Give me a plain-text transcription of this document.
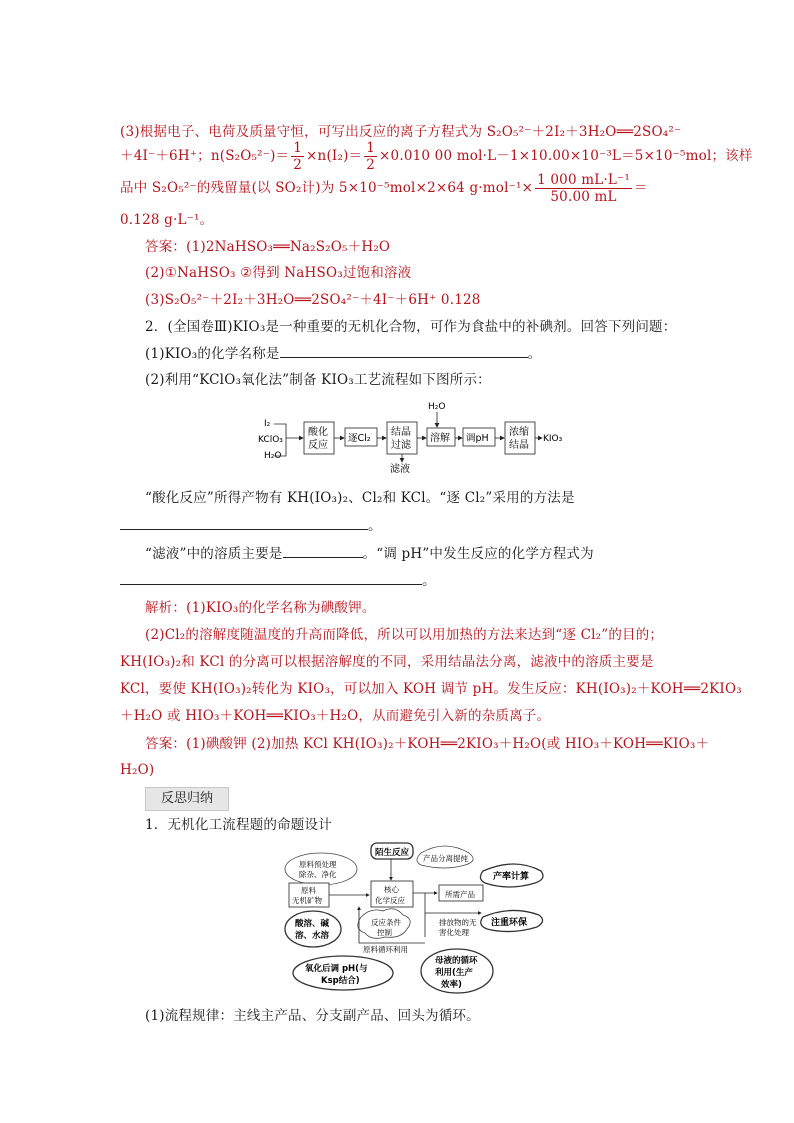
(3)根据电子、电荷及质量守恒，可写出反应的离子方程式为 S₂O₅²⁻＋2I₂＋3H₂O══2SO₄²⁻
＋4I⁻＋6H⁺；$n(S_2O_5^{2-})= \frac{1}{2} \times n(I_2)= \frac{1}{2} \times 0.010$ 00 mol·L－1×10.00×10⁻³L＝5×10⁻⁵mol；该样
品中 S₂O₅²⁻的残留量(以 SO₂计)为 5×10⁻⁵mol×2×64 $g\cdot mol^{-1}\times \frac{\text{1 000 mL·L⁻¹}}{50.00 mL}$ ＝
0.128 g·L⁻¹。
答案：(1)2NaHSO₃══Na₂S₂O₅＋H₂O
(2)①NaHSO₃ ②得到 NaHSO₃过饱和溶液
(3)S₂O₅²⁻＋2I₂＋3H₂O══2SO₄²⁻＋4I⁻＋6H⁺ 0.128
2．(全国卷Ⅲ)KIO₃是一种重要的无机化合物，可作为食盐中的补碘剂。回答下列问题：
(1)KIO₃的化学名称是	。
(2)利用“KClO₃氧化法”制备 KIO₃工艺流程如下图所示：
I₂
KClO₃
H₂O
酸化
反应
逐Cl₂
结晶
过滤
滤液
H₂O
溶解 调pH
浓缩
结晶
KIO₃
“酸化反应”所得产物有 KH(IO₃)₂、Cl₂和 KCl。“逐 Cl₂”采用的方法是
。
“滤液”中的溶质主要是	。“调 pH”中发生反应的化学方程式为
。
解析：(1)KIO₃的化学名称为碘酸钾。
(2)Cl₂的溶解度随温度的升高而降低，所以可以用加热的方法来达到“逐 Cl₂”的目的；
KH(IO₃)₂和 KCl 的分离可以根据溶解度的不同，采用结晶法分离，滤液中的溶质主要是
KCl，要使 KH(IO₃)₂转化为 KIO₃，可以加入 KOH 调节 pH。发生反应：KH(IO₃)₂＋KOH══2KIO₃
＋H₂O 或 HIO₃＋KOH══KIO₃＋H₂O，从而避免引入新的杂质离子。
答案：(1)碘酸钾 (2)加热 KCl KH(IO₃)₂＋KOH══2KIO₃＋H₂O(或 HIO₃＋KOH══KIO₃＋
H₂O)
反思归纳
1．无机化工流程题的命题设计
原料预处理
除杂、净化
陌生反应
产品分离提纯
产率计算
原料
无机矿物
核心
化学反应
所需产品
酸溶、碱
溶、水溶
反应条件
控制
排放物的无
害化处理
注重环保
原料循环利用
氧化后调 pH(与
Ksp结合)
母液的循环
利用(生产
效率)
(1)流程规律：主线主产品、分支副产品、回头为循环。
